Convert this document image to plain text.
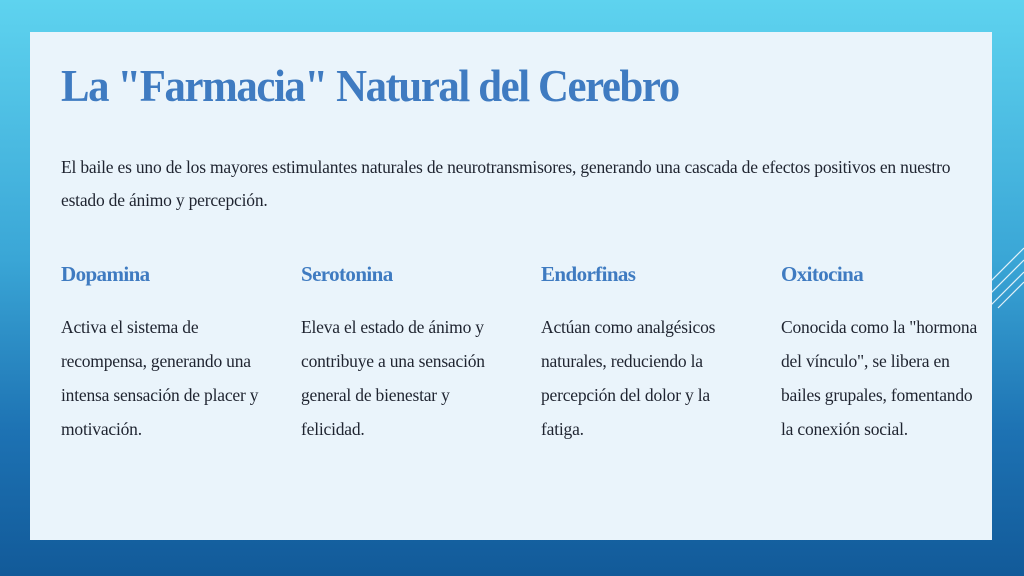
La "Farmacia" Natural del Cerebro

El baile es uno de los mayores estimulantes naturales de neurotransmisores, generando una cascada de efectos positivos en nuestro estado de ánimo y percepción.

Dopamina

Activa el sistema de recompensa, generando una intensa sensación de placer y motivación.

Serotonina

Eleva el estado de ánimo y contribuye a una sensación general de bienestar y felicidad.

Endorfinas

Actúan como analgésicos naturales, reduciendo la percepción del dolor y la fatiga.

Oxitocina

Conocida como la "hormona del vínculo", se libera en bailes grupales, fomentando la conexión social.
